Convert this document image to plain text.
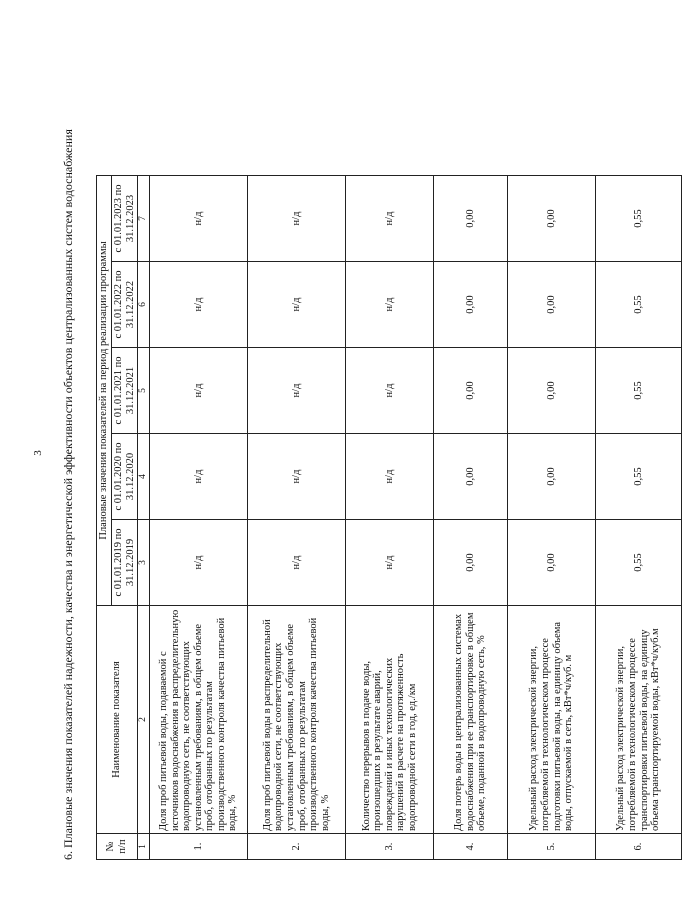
3 6. Плановые значения показателей надежности, качества и энергетической эффективности объектов централизованных систем водоснабжения	№ п/п	Наименование показателя	Плановые значения показателей на период реализации программы				
		с 01.01.2019 по 31.12.2019	с 01.01.2020 по 31.12.2020	с 01.01.2021 по 31.12.2021	с 01.01.2022 по 31.12.2022	с 01.01.2023 по 31.12.2023
1	2	3	4	5	6	7
1.	Доля проб питьевой воды, подаваемой с источников водоснабжения в распределительную водопроводную сеть, не соответствующих установленным требованиям, в общем объеме проб, отобранных по результатам производственного контроля качества питьевой воды, %	н/д	н/д	н/д	н/д	н/д
2.	Доля проб питьевой воды в распределительной водопроводной сети, не соответствующих установленным требованиям, в общем объеме проб, отобранных по результатам производственного контроля качества питьевой воды, %	н/д	н/д	н/д	н/д	н/д
3.	Количество перерывов в подаче воды, произошедших в результате аварий, повреждений и иных технологических нарушений в расчете на протяженность водопроводной сети в год, ед./км	н/д	н/д	н/д	н/д	н/д
4.	Доля потерь воды в централизованных системах водоснабжения при ее транспортировке в общем объеме, поданной в водопроводную сеть, %	0,00	0,00	0,00	0,00	0,00
5.	Удельный расход электрической энергии, потребляемой в технологическом процессе подготовки питьевой воды, на единицу объема воды, отпускаемой в сеть, кВт*ч/куб. м	0,00	0,00	0,00	0,00	0,00
6.	Удельный расход электрической энергии, потребляемой в технологическом процессе транспортировки питьевой воды, на единицу объема транспортируемой воды, кВт*ч/куб.м	0,55	0,55	0,55	0,55	0,55
